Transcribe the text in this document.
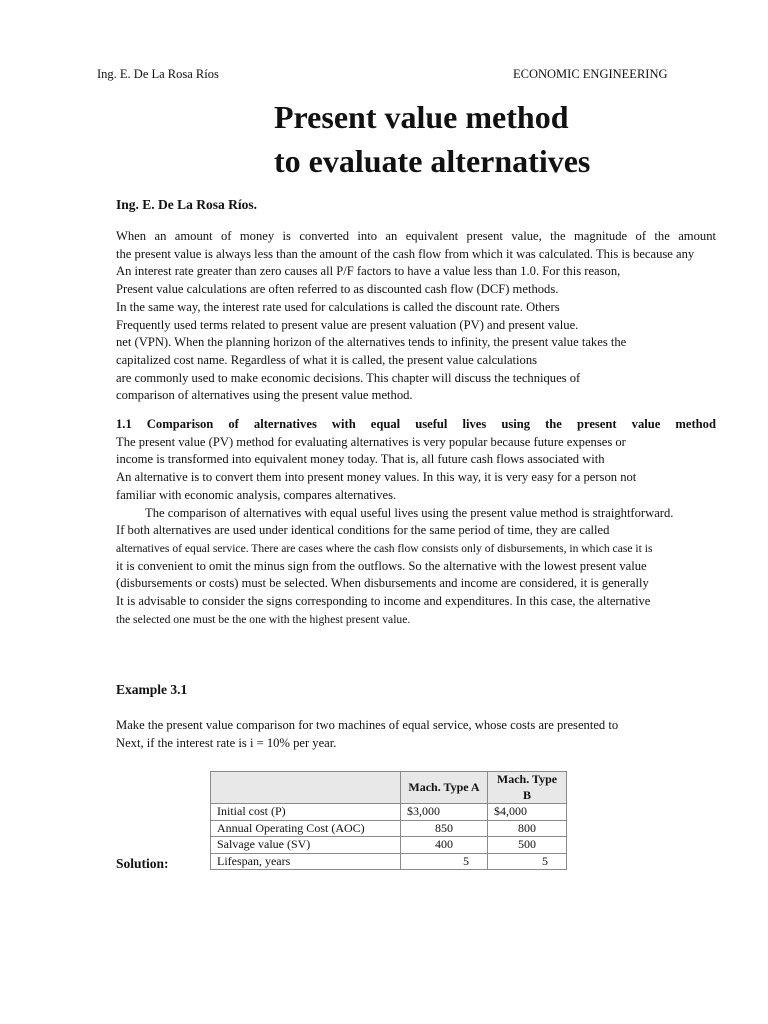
Ing. E. De La Rosa Ríos	ECONOMIC ENGINEERING
Present value method
to evaluate alternatives
Ing. E. De La Rosa Ríos.
When an amount of money is converted into an equivalent present value, the magnitude of the amount
the present value is always less than the amount of the cash flow from which it was calculated. This is because any
An interest rate greater than zero causes all P/F factors to have a value less than 1.0. For this reason,
Present value calculations are often referred to as discounted cash flow (DCF) methods.
In the same way, the interest rate used for calculations is called the discount rate. Others
Frequently used terms related to present value are present valuation (PV) and present value.
net (VPN). When the planning horizon of the alternatives tends to infinity, the present value takes the
capitalized cost name. Regardless of what it is called, the present value calculations
are commonly used to make economic decisions. This chapter will discuss the techniques of
comparison of alternatives using the present value method.
1.1 Comparison of alternatives with equal useful lives using the present value method
The present value (PV) method for evaluating alternatives is very popular because future expenses or
income is transformed into equivalent money today. That is, all future cash flows associated with
An alternative is to convert them into present money values. In this way, it is very easy for a person not
familiar with economic analysis, compares alternatives.
The comparison of alternatives with equal useful lives using the present value method is straightforward.
If both alternatives are used under identical conditions for the same period of time, they are called
alternatives of equal service. There are cases where the cash flow consists only of disbursements, in which case it is
it is convenient to omit the minus sign from the outflows. So the alternative with the lowest present value
(disbursements or costs) must be selected. When disbursements and income are considered, it is generally
It is advisable to consider the signs corresponding to income and expenditures. In this case, the alternative
the selected one must be the one with the highest present value.
Example 3.1
Make the present value comparison for two machines of equal service, whose costs are presented to
Next, if the interest rate is i = 10% per year.
	Mach. Type A	Mach. Type B
Initial cost (P)	$3,000	$4,000
Annual Operating Cost (AOC)	850	800
Salvage value (SV)	400	500
Lifespan, years	5	5
Solution:
